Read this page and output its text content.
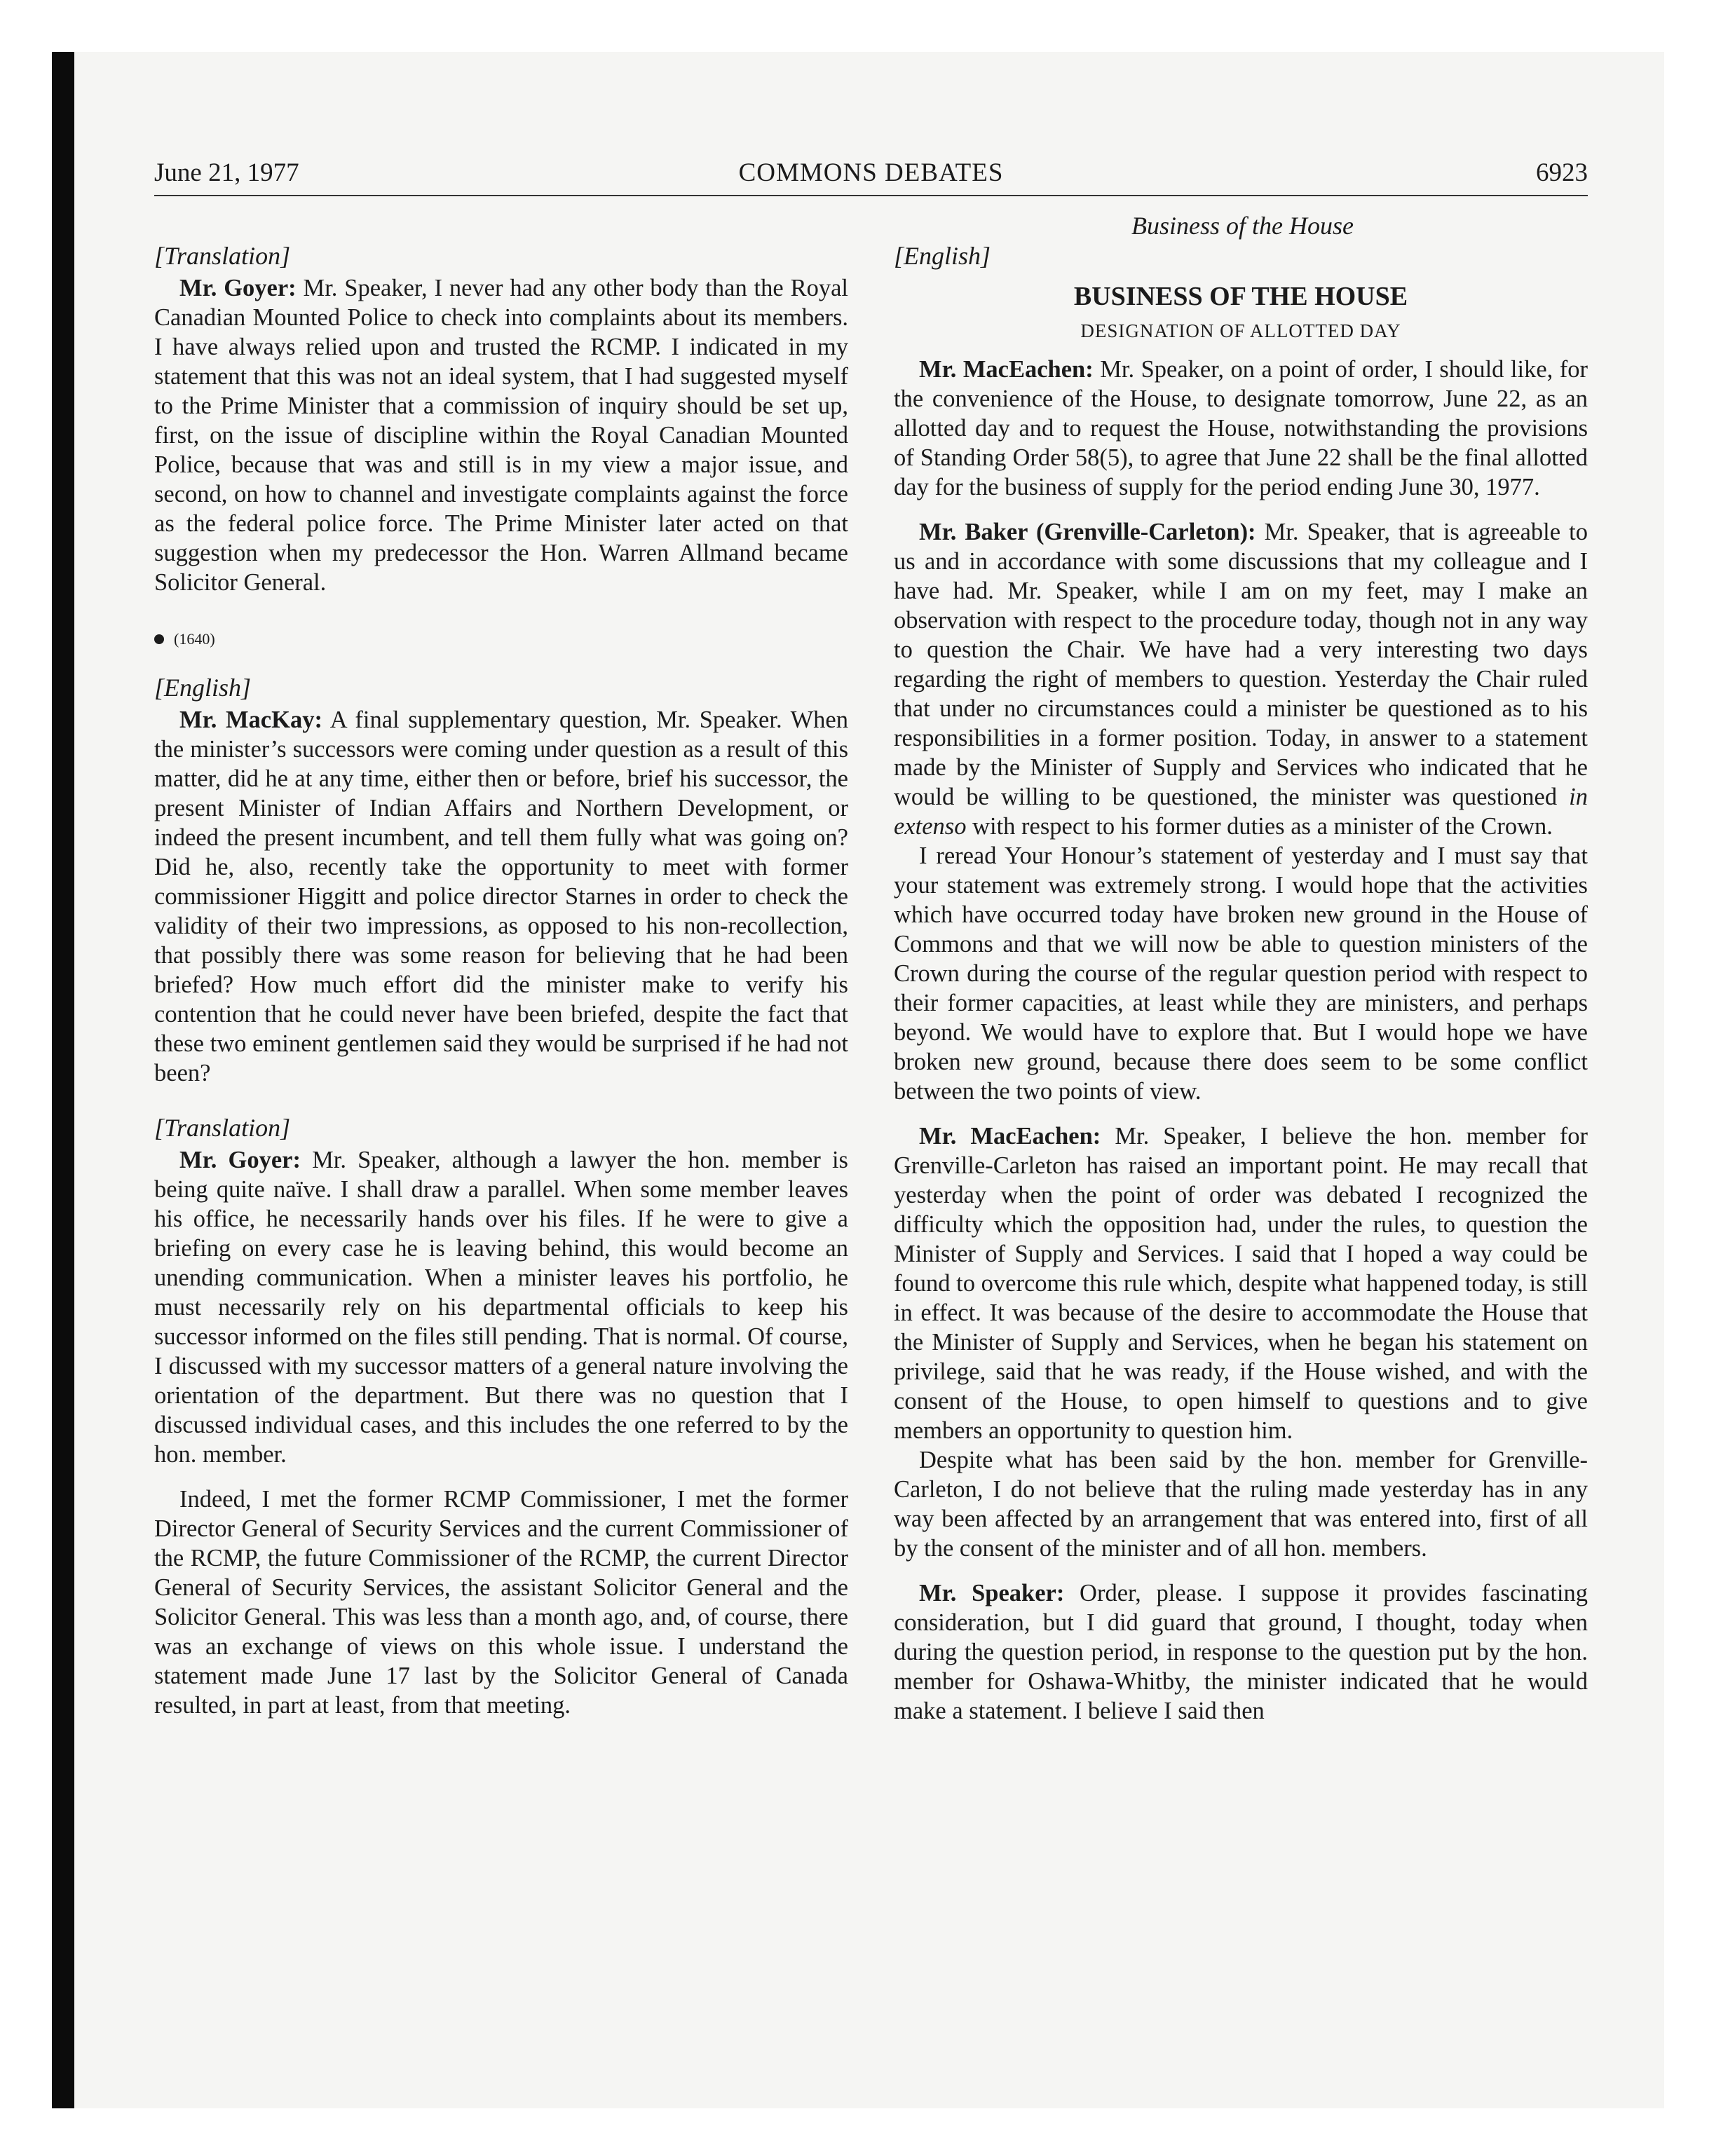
June 21, 1977	COMMONS DEBATES	6923
Business of the House
[Translation]

Mr. Goyer: Mr. Speaker, I never had any other body than the Royal Canadian Mounted Police to check into complaints about its members. I have always relied upon and trusted the RCMP. I indicated in my statement that this was not an ideal system, that I had suggested myself to the Prime Minister that a commission of inquiry should be set up, first, on the issue of discipline within the Royal Canadian Mounted Police, because that was and still is in my view a major issue, and second, on how to channel and investigate complaints against the force as the federal police force. The Prime Minister later acted on that suggestion when my predecessor the Hon. Warren Allmand became Solicitor General.

(1640)
[English]

Mr. MacKay: A final supplementary question, Mr. Speaker. When the minister’s successors were coming under question as a result of this matter, did he at any time, either then or before, brief his successor, the present Minister of Indian Affairs and Northern Development, or indeed the present incumbent, and tell them fully what was going on? Did he, also, recently take the opportunity to meet with former commissioner Higgitt and police director Starnes in order to check the validity of their two impressions, as opposed to his non-recollection, that possibly there was some reason for believing that he had been briefed? How much effort did the minister make to verify his contention that he could never have been briefed, despite the fact that these two eminent gentlemen said they would be surprised if he had not been?

[Translation]

Mr. Goyer: Mr. Speaker, although a lawyer the hon. member is being quite naïve. I shall draw a parallel. When some member leaves his office, he necessarily hands over his files. If he were to give a briefing on every case he is leaving behind, this would become an unending communication. When a minister leaves his portfolio, he must necessarily rely on his departmental officials to keep his successor informed on the files still pending. That is normal. Of course, I discussed with my successor matters of a general nature involving the orientation of the department. But there was no question that I discussed individual cases, and this includes the one referred to by the hon. member.

Indeed, I met the former RCMP Commissioner, I met the former Director General of Security Services and the current Commissioner of the RCMP, the future Commissioner of the RCMP, the current Director General of Security Services, the assistant Solicitor General and the Solicitor General. This was less than a month ago, and, of course, there was an exchange of views on this whole issue. I understand the statement made June 17 last by the Solicitor General of Canada resulted, in part at least, from that meeting.

[English]
BUSINESS OF THE HOUSE
DESIGNATION OF ALLOTTED DAY

Mr. MacEachen: Mr. Speaker, on a point of order, I should like, for the convenience of the House, to designate tomorrow, June 22, as an allotted day and to request the House, notwithstanding the provisions of Standing Order 58(5), to agree that June 22 shall be the final allotted day for the business of supply for the period ending June 30, 1977.

Mr. Baker (Grenville-Carleton): Mr. Speaker, that is agreeable to us and in accordance with some discussions that my colleague and I have had. Mr. Speaker, while I am on my feet, may I make an observation with respect to the procedure today, though not in any way to question the Chair. We have had a very interesting two days regarding the right of members to question. Yesterday the Chair ruled that under no circumstances could a minister be questioned as to his responsibilities in a former position. Today, in answer to a statement made by the Minister of Supply and Services who indicated that he would be willing to be questioned, the minister was questioned in extenso with respect to his former duties as a minister of the Crown.

I reread Your Honour’s statement of yesterday and I must say that your statement was extremely strong. I would hope that the activities which have occurred today have broken new ground in the House of Commons and that we will now be able to question ministers of the Crown during the course of the regular question period with respect to their former capacities, at least while they are ministers, and perhaps beyond. We would have to explore that. But I would hope we have broken new ground, because there does seem to be some conflict between the two points of view.

Mr. MacEachen: Mr. Speaker, I believe the hon. member for Grenville-Carleton has raised an important point. He may recall that yesterday when the point of order was debated I recognized the difficulty which the opposition had, under the rules, to question the Minister of Supply and Services. I said that I hoped a way could be found to overcome this rule which, despite what happened today, is still in effect. It was because of the desire to accommodate the House that the Minister of Supply and Services, when he began his statement on privilege, said that he was ready, if the House wished, and with the consent of the House, to open himself to questions and to give members an opportunity to question him.

Despite what has been said by the hon. member for Grenville-Carleton, I do not believe that the ruling made yesterday has in any way been affected by an arrangement that was entered into, first of all by the consent of the minister and of all hon. members.

Mr. Speaker: Order, please. I suppose it provides fascinating consideration, but I did guard that ground, I thought, today when during the question period, in response to the question put by the hon. member for Oshawa-Whitby, the minister indicated that he would make a statement. I believe I said then
